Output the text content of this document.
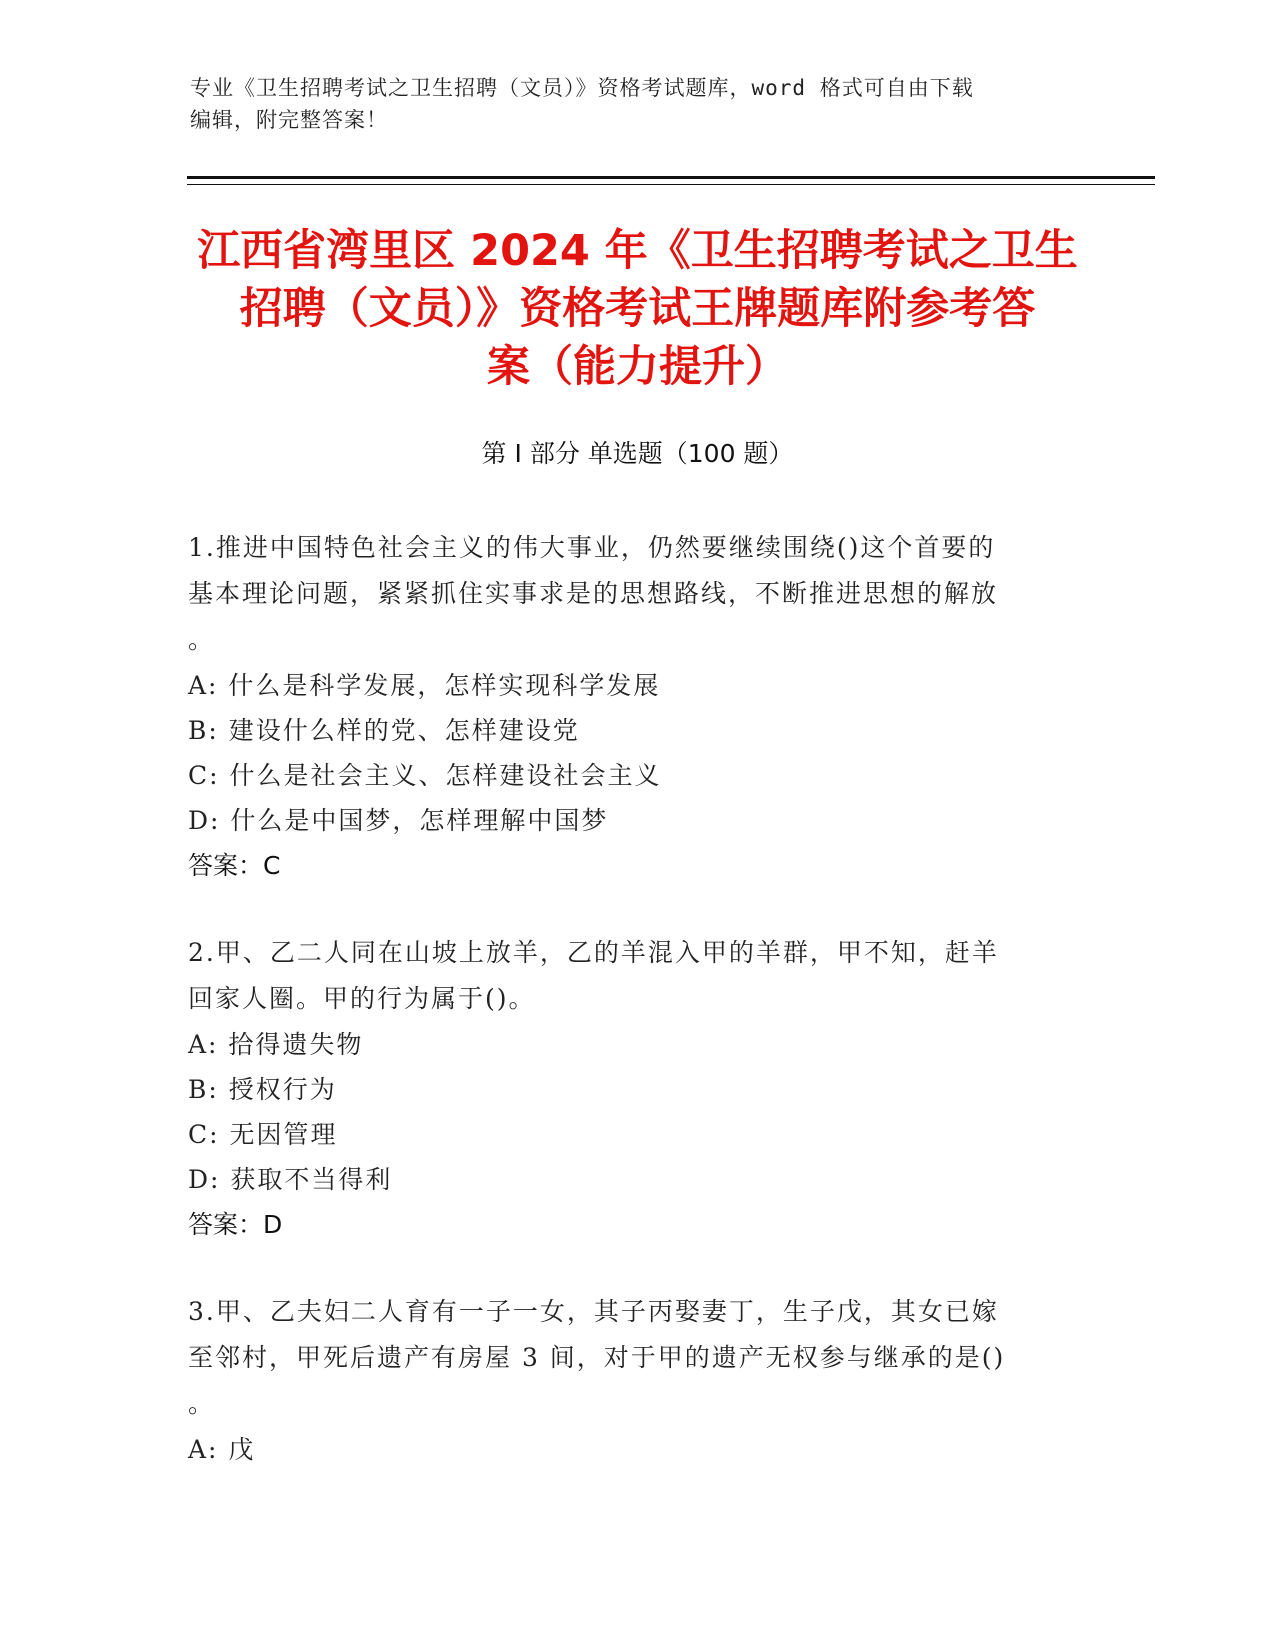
专业《卫生招聘考试之卫生招聘（文员）》资格考试题库，word 格式可自由下载
编辑，附完整答案！
江西省湾里区 2024 年《卫生招聘考试之卫生
招聘（文员）》资格考试王牌题库附参考答
案（能力提升）
第 I 部分 单选题（100 题）
1.推进中国特色社会主义的伟大事业，仍然要继续围绕()这个首要的
基本理论问题，紧紧抓住实事求是的思想路线，不断推进思想的解放
。
A: 什么是科学发展，怎样实现科学发展
B: 建设什么样的党、怎样建设党
C: 什么是社会主义、怎样建设社会主义
D: 什么是中国梦，怎样理解中国梦
答案：C
2.甲、乙二人同在山坡上放羊，乙的羊混入甲的羊群，甲不知，赶羊
回家人圈。甲的行为属于()。
A: 拾得遗失物
B: 授权行为
C: 无因管理
D: 获取不当得利
答案：D
3.甲、乙夫妇二人育有一子一女，其子丙娶妻丁，生子戊，其女已嫁
至邻村，甲死后遗产有房屋 3 间，对于甲的遗产无权参与继承的是()
。
A: 戊
